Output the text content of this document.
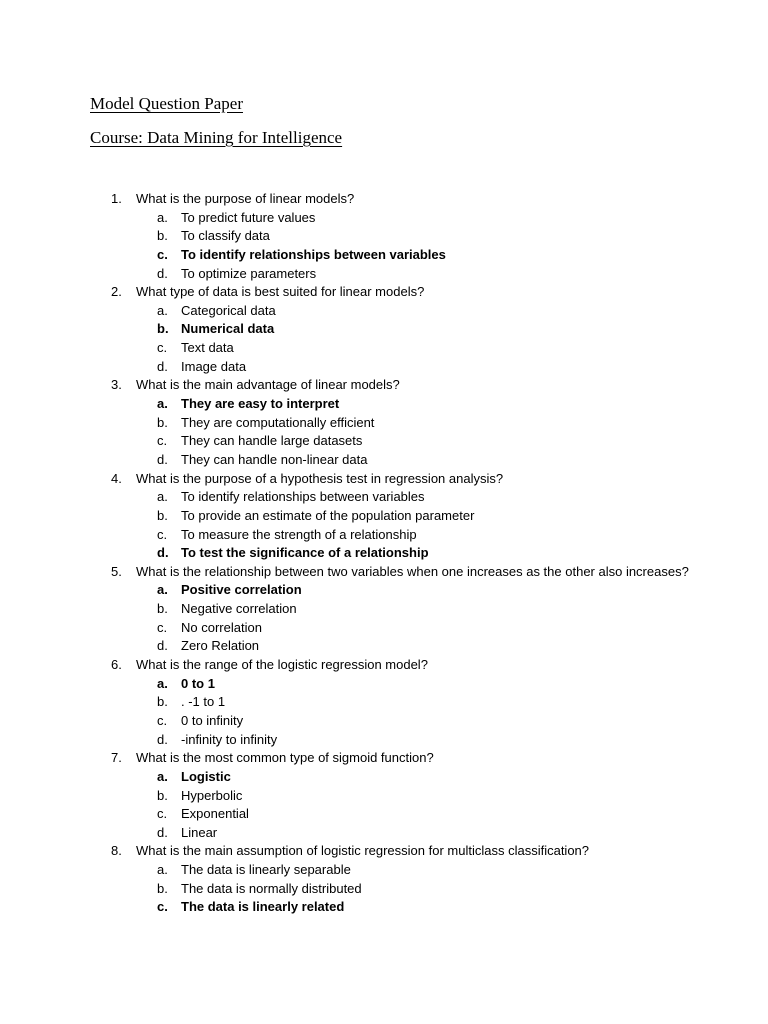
Model Question Paper
Course: Data Mining for Intelligence
1. What is the purpose of linear models?
a. To predict future values
b. To classify data
c. To identify relationships between variables
d. To optimize parameters
2. What type of data is best suited for linear models?
a. Categorical data
b. Numerical data
c. Text data
d. Image data
3. What is the main advantage of linear models?
a. They are easy to interpret
b. They are computationally efficient
c. They can handle large datasets
d. They can handle non-linear data
4. What is the purpose of a hypothesis test in regression analysis?
a. To identify relationships between variables
b. To provide an estimate of the population parameter
c. To measure the strength of a relationship
d. To test the significance of a relationship
5. What is the relationship between two variables when one increases as the other also increases?
a. Positive correlation
b. Negative correlation
c. No correlation
d. Zero Relation
6. What is the range of the logistic regression model?
a. 0 to 1
b. . -1 to 1
c. 0 to infinity
d. -infinity to infinity
7. What is the most common type of sigmoid function?
a. Logistic
b. Hyperbolic
c. Exponential
d. Linear
8. What is the main assumption of logistic regression for multiclass classification?
a. The data is linearly separable
b. The data is normally distributed
c. The data is linearly related
